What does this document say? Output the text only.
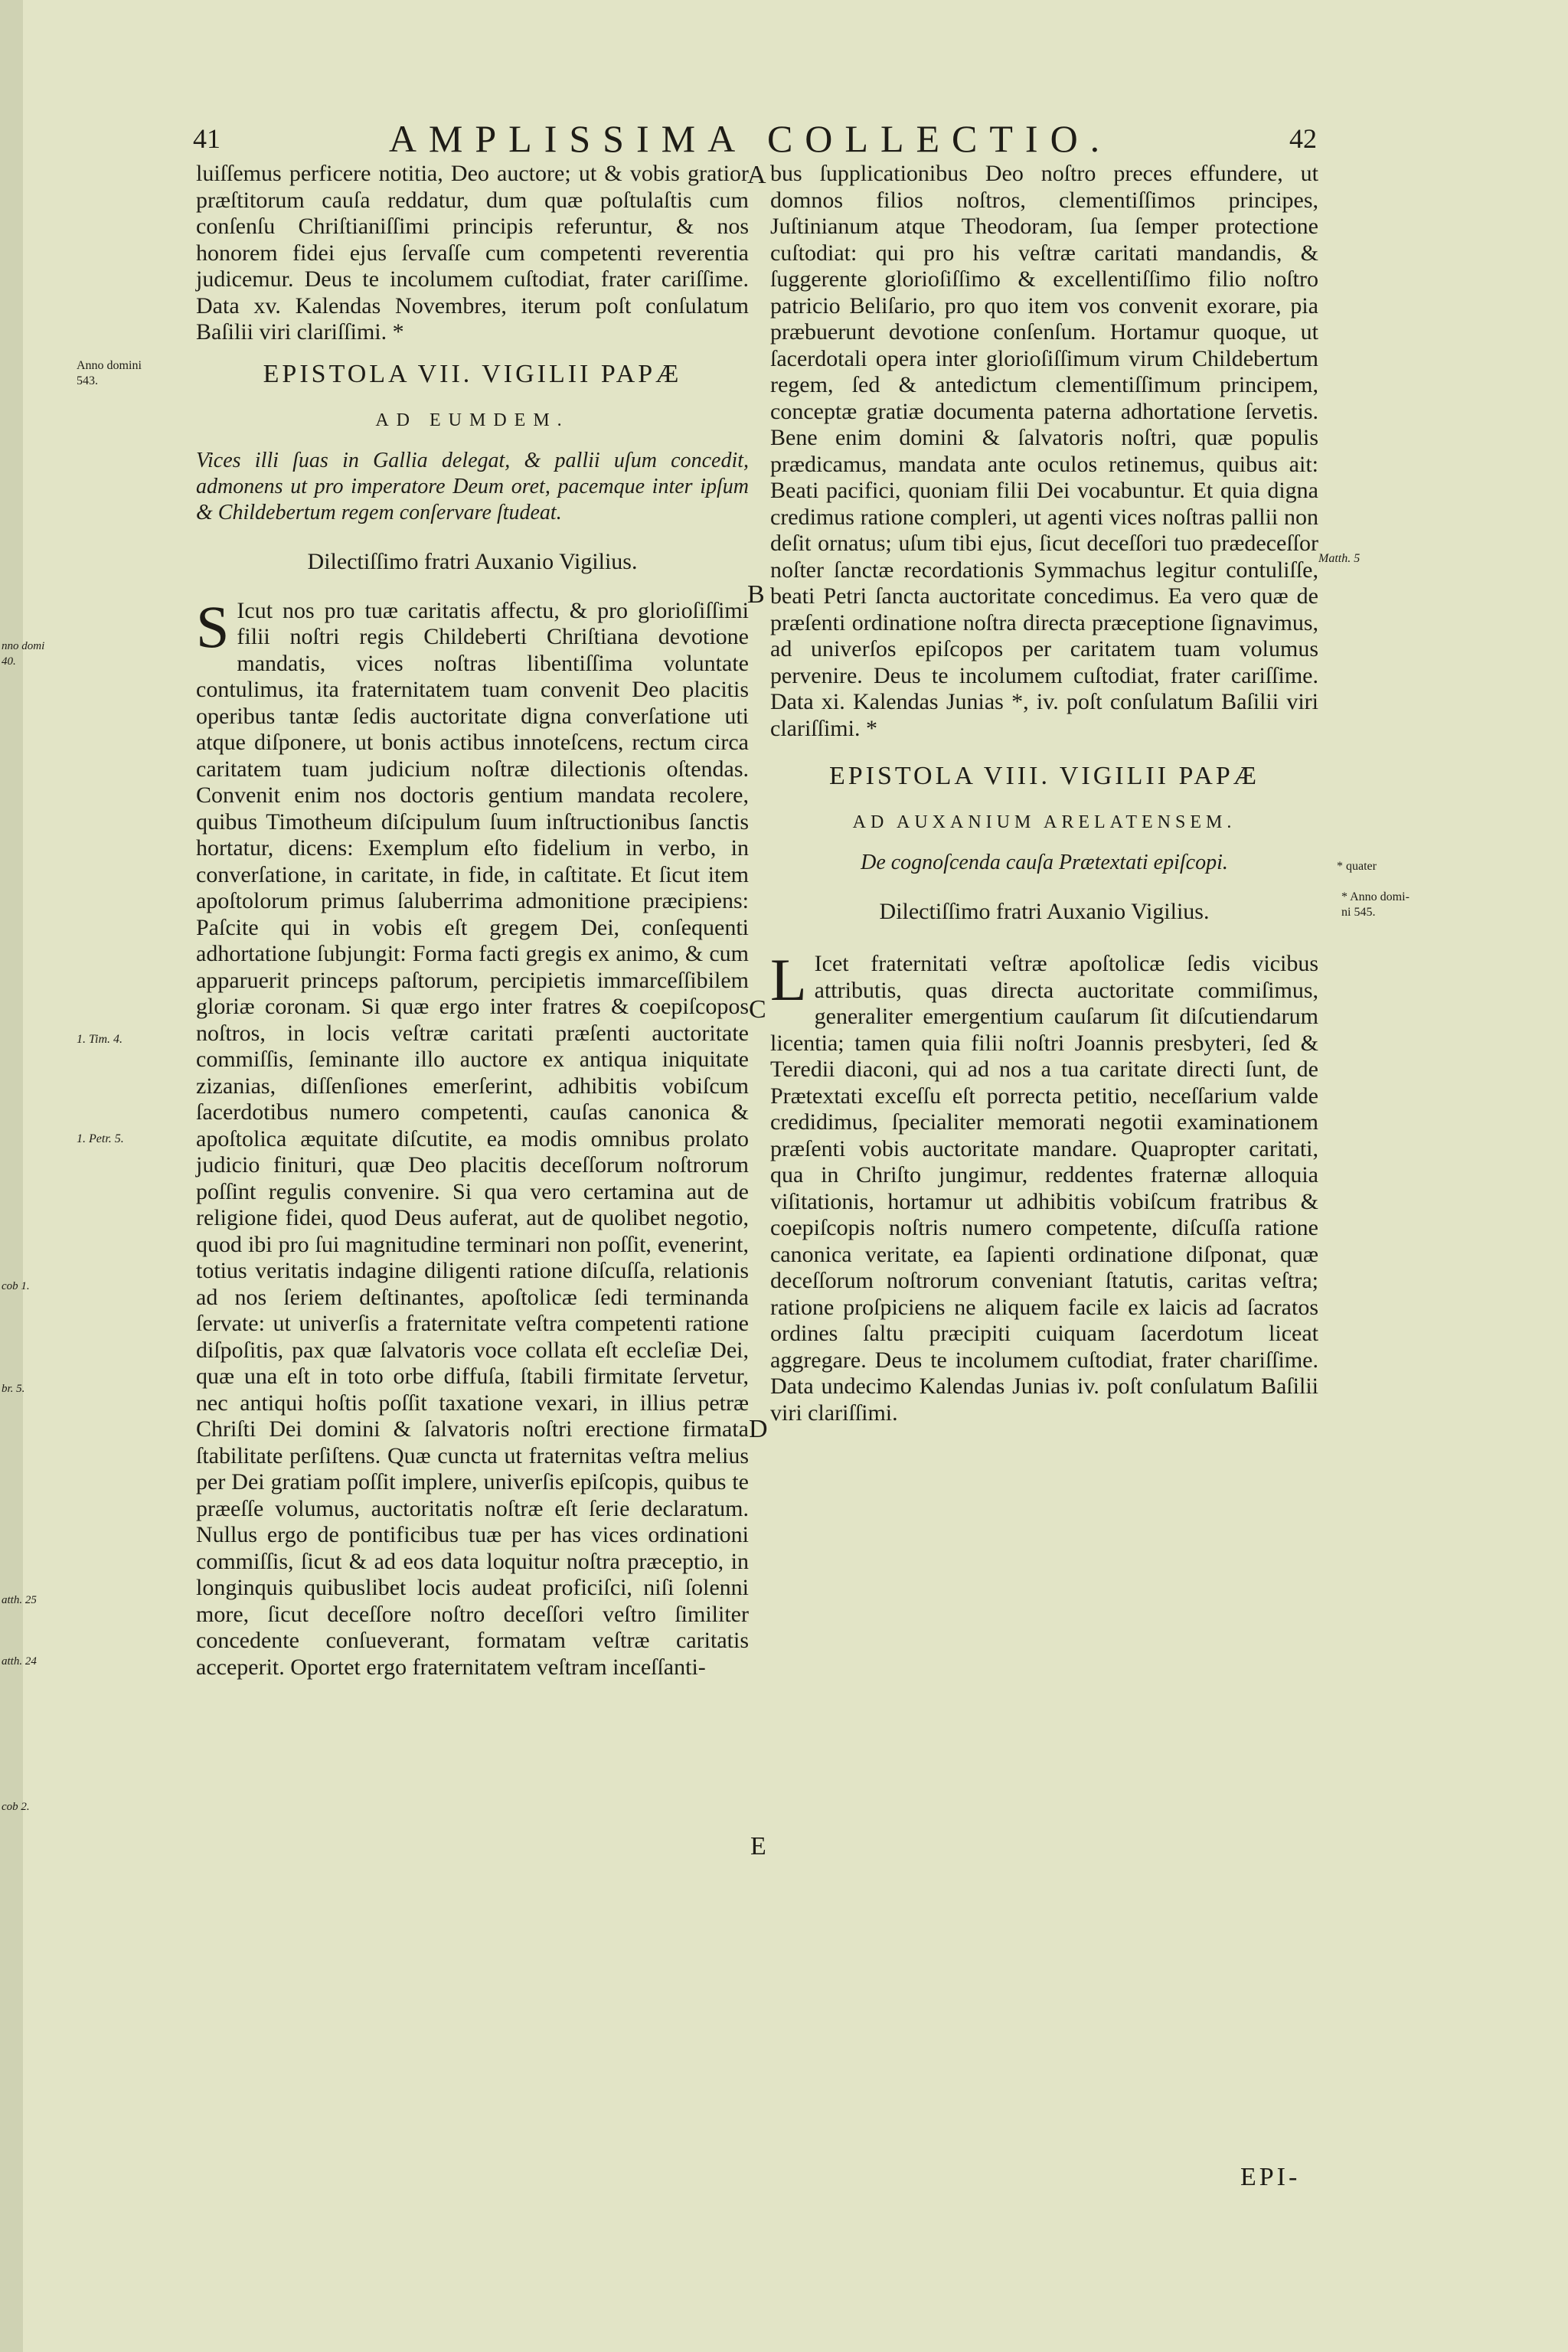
nno domi
40.
cob 1.
br. 5.
atth. 25
atth. 24
cob 2.
41	AMPLISSIMA COLLECTIO.	42

luiſſemus perficere notitia, Deo auctore; ut & vobis gratior præſtitorum cauſa reddatur, dum quæ poſtulaſtis cum conſenſu Chriſtianiſſimi principis referuntur, & nos honorem fidei ejus ſervaſſe cum competenti reverentia judicemur. Deus te incolumem cuſtodiat, frater cariſſime. Data xv. Kalendas Novembres, iterum poſt conſulatum Baſilii viri clariſſimi. *

EPISTOLA VII. VIGILII PAPÆ
AD EUMDEM.

Vices illi ſuas in Gallia delegat, & pallii uſum concedit, admonens ut pro imperatore Deum oret, pacemque inter ipſum & Childebertum regem conſervare ſtudeat.

Dilectiſſimo fratri Auxanio Vigilius.

S Icut nos pro tuæ caritatis affectu, & pro glorioſiſſimi filii noſtri regis Childeberti Chriſtiana devotione mandatis, vices noſtras libentiſſima voluntate contulimus, ita fraternitatem tuam convenit Deo placitis operibus tantæ ſedis auctoritate digna converſatione uti atque diſponere, ut bonis actibus innoteſcens, rectum circa caritatem tuam judicium noſtræ dilectionis oſtendas. Convenit enim nos doctoris gentium mandata recolere, quibus Timotheum diſcipulum ſuum inſtructionibus ſanctis hortatur, dicens: Exemplum eſto fidelium in verbo, in converſatione, in caritate, in fide, in caſtitate. Et ſicut item apoſtolorum primus ſaluberrima admonitione præcipiens: Paſcite qui in vobis eſt gregem Dei, conſequenti adhortatione ſubjungit: Forma facti gregis ex animo, & cum apparuerit princeps paſtorum, percipietis immarceſſibilem gloriæ coronam. Si quæ ergo inter fratres & coepiſcopos noſtros, in locis veſtræ caritati præſenti auctoritate commiſſis, ſeminante illo auctore ex antiqua iniquitate zizanias, diſſenſiones emerſerint, adhibitis vobiſcum ſacerdotibus numero competenti, cauſas canonica & apoſtolica æquitate diſcutite, ea modis omnibus prolato judicio finituri, quæ Deo placitis deceſſorum noſtrorum poſſint regulis convenire. Si qua vero certamina aut de religione fidei, quod Deus auferat, aut de quolibet negotio, quod ibi pro ſui magnitudine terminari non poſſit, evenerint, totius veritatis indagine diligenti ratione diſcuſſa, relationis ad nos ſeriem deſtinantes, apoſtolicæ ſedi terminanda ſervate: ut univerſis a fraternitate veſtra competenti ratione diſpoſitis, pax quæ ſalvatoris voce collata eſt eccleſiæ Dei, quæ una eſt in toto orbe diffuſa, ſtabili firmitate ſervetur, nec antiqui hoſtis poſſit taxatione vexari, in illius petræ Chriſti Dei domini & ſalvatoris noſtri erectione firmata ſtabilitate perſiſtens. Quæ cuncta ut fraternitas veſtra melius per Dei gratiam poſſit implere, univerſis epiſcopis, quibus te præeſſe volumus, auctoritatis noſtræ eſt ſerie declaratum. Nullus ergo de pontificibus tuæ per has vices ordinationi commiſſis, ſicut & ad eos data loquitur noſtra præceptio, in longinquis quibuslibet locis audeat proficiſci, niſi ſolenni more, ſicut deceſſore noſtro deceſſori veſtro ſimiliter concedente conſueverant, formatam veſtræ caritatis acceperit. Oportet ergo fraternitatem veſtram inceſſanti-

bus ſupplicationibus Deo noſtro preces effundere, ut domnos filios noſtros, clementiſſimos principes, Juſtinianum atque Theodoram, ſua ſemper protectione cuſtodiat: qui pro his veſtræ caritati mandandis, & ſuggerente glorioſiſſimo & excellentiſſimo filio noſtro patricio Beliſario, pro quo item vos convenit exorare, pia præbuerunt devotione conſenſum. Hortamur quoque, ut ſacerdotali opera inter glorioſiſſimum virum Childebertum regem, ſed & antedictum clementiſſimum principem, conceptæ gratiæ documenta paterna adhortatione ſervetis. Bene enim domini & ſalvatoris noſtri, quæ populis prædicamus, mandata ante oculos retinemus, quibus ait: Beati pacifici, quoniam filii Dei vocabuntur. Et quia digna credimus ratione compleri, ut agenti vices noſtras pallii non deſit ornatus; uſum tibi ejus, ſicut deceſſori tuo prædeceſſor noſter ſanctæ recordationis Symmachus legitur contuliſſe, beati Petri ſancta auctoritate concedimus. Ea vero quæ de præſenti ordinatione noſtra directa præceptione ſignavimus, ad univerſos epiſcopos per caritatem tuam volumus pervenire. Deus te incolumem cuſtodiat, frater cariſſime. Data xi. Kalendas Junias *, iv. poſt conſulatum Baſilii viri clariſſimi. *

EPISTOLA VIII. VIGILII PAPÆ
AD AUXANIUM ARELATENSEM.

De cognoſcenda cauſa Prætextati epiſcopi.

Dilectiſſimo fratri Auxanio Vigilius.

L Icet fraternitati veſtræ apoſtolicæ ſedis vicibus attributis, quas directa auctoritate commiſimus, generaliter emergentium cauſarum ſit diſcutiendarum licentia; tamen quia filii noſtri Joannis presbyteri, ſed & Teredii diaconi, qui ad nos a tua caritate directi ſunt, de Prætextati exceſſu eſt porrecta petitio, neceſſarium valde credidimus, ſpecialiter memorati negotii examinationem præſenti vobis auctoritate mandare. Quapropter caritati, qua in Chriſto jungimur, reddentes fraternæ alloquia viſitationis, hortamur ut adhibitis vobiſcum fratribus & coepiſcopis noſtris numero competente, diſcuſſa ratione canonica veritate, ea ſapienti ordinatione diſponat, quæ deceſſorum noſtrorum conveniant ſtatutis, caritas veſtra; ratione proſpiciens ne aliquem facile ex laicis ad ſacratos ordines ſaltu præcipiti cuiquam ſacerdotum liceat aggregare. Deus te incolumem cuſtodiat, frater chariſſime. Data undecimo Kalendas Junias iv. poſt conſulatum Baſilii viri clariſſimi.

A
B
C
D
E
Anno domini
543.
1. Tim. 4.
1. Petr. 5.
Matth. 5
* quater
* Anno domi-
ni 545.
EPI-
